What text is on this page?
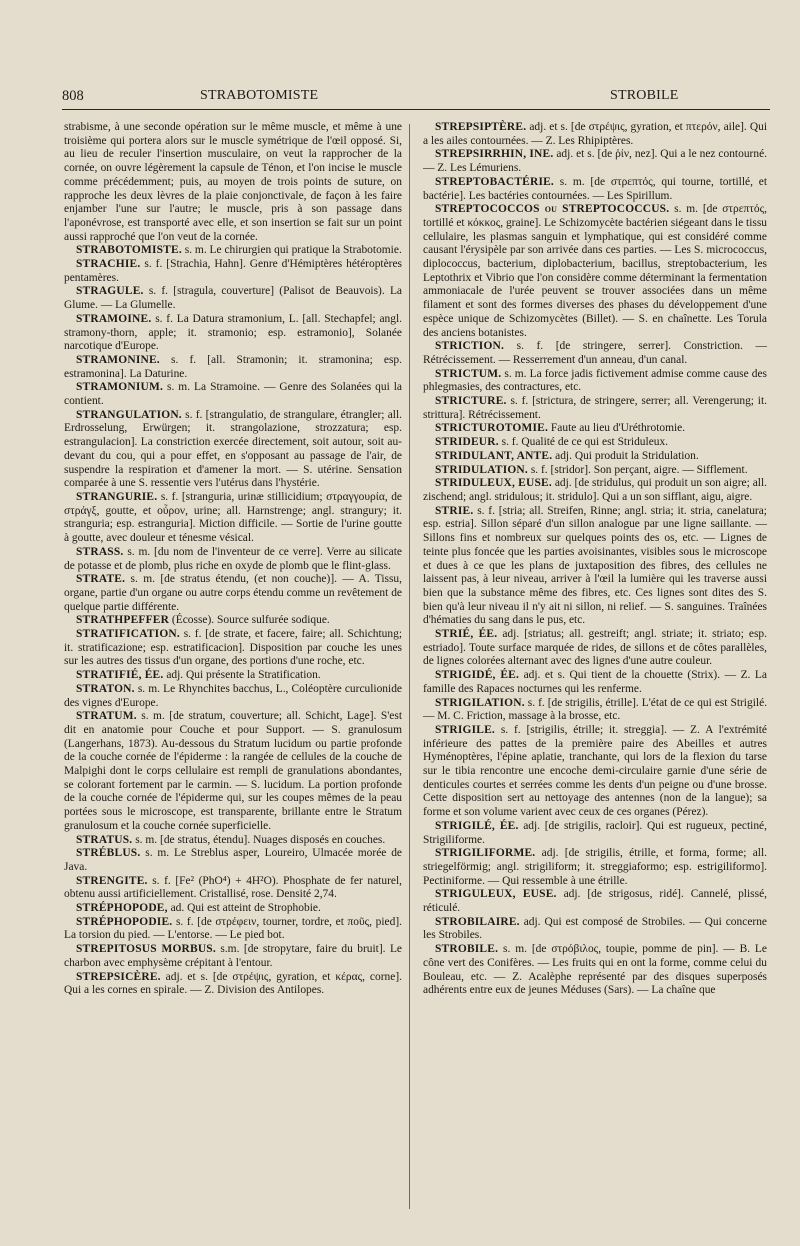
808	STRABOTOMISTE	STROBILE

strabisme, à une seconde opération sur le même muscle, et même à une troisième qui portera alors sur le muscle symétrique de l'œil opposé. Si, au lieu de reculer l'insertion musculaire, on veut la rapprocher de la cornée, on ouvre légèrement la capsule de Ténon, et l'on incise le muscle comme précédemment; puis, au moyen de trois points de suture, on rapproche les deux lèvres de la plaie conjonctivale, de façon à les faire enjamber l'une sur l'autre; le muscle, pris à son passage dans l'aponévrose, est transporté avec elle, et son insertion se fait sur un point aussi rapproché que l'on veut de la cornée.

STRABOTOMISTE. s. m. Le chirurgien qui pratique la Strabotomie.

STRACHIE. s. f. [Strachia, Hahn]. Genre d'Hémiptères hétéroptères pentamères.

STRAGULE. s. f. [stragula, couverture] (Palisot de Beauvois). La Glume. — La Glumelle.

STRAMOINE. s. f. La Datura stramonium, L. [all. Stechapfel; angl. stramony-thorn, apple; it. stramonio; esp. estramonio], Solanée narcotique d'Europe.

STRAMONINE. s. f. [all. Stramonin; it. stramonina; esp. estramonina]. La Daturine.

STRAMONIUM. s. m. La Stramoine. — Genre des Solanées qui la contient.

STRANGULATION. s. f. [strangulatio, de strangulare, étrangler; all. Erdrosselung, Erwürgen; it. strangolazione, strozzatura; esp. estrangulacion]. La constriction exercée directement, soit autour, soit au-devant du cou, qui a pour effet, en s'opposant au passage de l'air, de suspendre la respiration et d'amener la mort. — S. utérine. Sensation comparée à une S. ressentie vers l'utérus dans l'hystérie.

STRANGURIE. s. f. [stranguria, urinæ stillicidium; στραγγουρία, de στράγξ, goutte, et οὖρον, urine; all. Harnstrenge; angl. strangury; it. stranguria; esp. estranguria]. Miction difficile. — Sortie de l'urine goutte à goutte, avec douleur et ténesme vésical.

STRASS. s. m. [du nom de l'inventeur de ce verre]. Verre au silicate de potasse et de plomb, plus riche en oxyde de plomb que le flint-glass.

STRATE. s. m. [de stratus étendu, (et non couche)]. — A. Tissu, organe, partie d'un organe ou autre corps étendu comme un revêtement de quelque partie différente.

STRATHPEFFER (Écosse). Source sulfurée sodique.

STRATIFICATION. s. f. [de strate, et facere, faire; all. Schichtung; it. stratificazione; esp. estratificacion]. Disposition par couche les unes sur les autres des tissus d'un organe, des portions d'une roche, etc.

STRATIFIÉ, ÉE. adj. Qui présente la Stratification.

STRATON. s. m. Le Rhynchites bacchus, L., Coléoptère curculionide des vignes d'Europe.

STRATUM. s. m. [de stratum, couverture; all. Schicht, Lage]. S'est dit en anatomie pour Couche et pour Support. — S. granulosum (Langerhans, 1873). Au-dessous du Stratum lucidum ou partie profonde de la couche cornée de l'épiderme : la rangée de cellules de la couche de Malpighi dont le corps cellulaire est rempli de granulations abondantes, se colorant fortement par le carmin. — S. lucidum. La portion profonde de la couche cornée de l'épiderme qui, sur les coupes mêmes de la peau portées sous le microscope, est transparente, brillante entre le Stratum granulosum et la couche cornée superficielle.

STRATUS. s. m. [de stratus, étendu]. Nuages disposés en couches.

STRÉBLUS. s. m. Le Streblus asper, Loureiro, Ulmacée morée de Java.

STRENGITE. s. f. [Fe² (PhO⁴) + 4H²O). Phosphate de fer naturel, obtenu aussi artificiellement. Cristallisé, rose. Densité 2,74.

STRÉPHOPODE, ad. Qui est atteint de Strophobie.

STRÉPHOPODIE. s. f. [de στρέφειν, tourner, tordre, et ποῦς, pied]. La torsion du pied. — L'entorse. — Le pied bot.

STREPITOSUS MORBUS. s.m. [de stropytare, faire du bruit]. Le charbon avec emphysème crépitant à l'entour.

STREPSICÈRE. adj. et s. [de στρέψις, gyration, et κέρας, corne]. Qui a les cornes en spirale. — Z. Division des Antilopes.

STREPSIPTÈRE. adj. et s. [de στρέψις, gyration, et πτερόν, aile]. Qui a les ailes contournées. — Z. Les Rhipiptères.

STREPSIRRHIN, INE. adj. et s. [de ῥίν, nez]. Qui a le nez contourné. — Z. Les Lémuriens.

STREPTOBACTÉRIE. s. m. [de στρεπτός, qui tourne, tortillé, et bactérie]. Les bactéries contournées. — Les Spirillum.

STREPTOCOCCOS ou STREPTOCOCCUS. s. m. [de στρεπτός, tortillé et κόκκος, graine]. Le Schizomycète bactérien siégeant dans le tissu cellulaire, les plasmas sanguin et lymphatique, qui est considéré comme causant l'érysipèle par son arrivée dans ces parties. — Les S. micrococcus, diplococcus, bacterium, diplobacterium, bacillus, streptobacterium, les Leptothrix et Vibrio que l'on considère comme déterminant la fermentation ammoniacale de l'urée peuvent se trouver associées dans un même filament et sont des formes diverses des phases du développement d'une espèce unique de Schizomycètes (Billet). — S. en chaînette. Les Torula des anciens botanistes.

STRICTION. s. f. [de stringere, serrer]. Constriction. — Rétrécissement. — Resserrement d'un anneau, d'un canal.

STRICTUM. s. m. La force jadis fictivement admise comme cause des phlegmasies, des contractures, etc.

STRICTURE. s. f. [strictura, de stringere, serrer; all. Verengerung; it. strittura]. Rétrécissement.

STRICTUROTOMIE. Faute au lieu d'Uréthrotomie.

STRIDEUR. s. f. Qualité de ce qui est Striduleux.

STRIDULANT, ANTE. adj. Qui produit la Stridulation.

STRIDULATION. s. f. [stridor]. Son perçant, aigre. — Sifflement.

STRIDULEUX, EUSE. adj. [de stridulus, qui produit un son aigre; all. zischend; angl. stridulous; it. stridulo]. Qui a un son sifflant, aigu, aigre.

STRIE. s. f. [stria; all. Streifen, Rinne; angl. stria; it. stria, canelatura; esp. estria]. Sillon séparé d'un sillon analogue par une ligne saillante. — Sillons fins et nombreux sur quelques points des os, etc. — Lignes de teinte plus foncée que les parties avoisinantes, visibles sous le microscope et dues à ce que les plans de juxtaposition des fibres, des cellules ne laissent pas, à leur niveau, arriver à l'œil la lumière qui les traverse aussi bien que la substance même des fibres, etc. Ces lignes sont dites des S. bien qu'à leur niveau il n'y ait ni sillon, ni relief. — S. sanguines. Traînées d'hématies du sang dans le pus, etc.

STRIÉ, ÉE. adj. [striatus; all. gestreift; angl. striate; it. striato; esp. estriado]. Toute surface marquée de rides, de sillons et de côtes parallèles, de lignes colorées alternant avec des lignes d'une autre couleur.

STRIGIDÉ, ÉE. adj. et s. Qui tient de la chouette (Strix). — Z. La famille des Rapaces nocturnes qui les renferme.

STRIGILATION. s. f. [de strigilis, étrille]. L'état de ce qui est Strigilé. — M. C. Friction, massage à la brosse, etc.

STRIGILE. s. f. [strigilis, étrille; it. streggia]. — Z. A l'extrémité inférieure des pattes de la première paire des Abeilles et autres Hyménoptères, l'épine aplatie, tranchante, qui lors de la flexion du tarse sur le tibia rencontre une encoche demi-circulaire garnie d'une série de denticules courtes et serrées comme les dents d'un peigne ou d'une brosse. Cette disposition sert au nettoyage des antennes (non de la langue); sa forme et son volume varient avec ceux de ces organes (Pérez).

STRIGILÉ, ÉE. adj. [de strigilis, racloir]. Qui est rugueux, pectiné, Strigiliforme.

STRIGILIFORME. adj. [de strigilis, étrille, et forma, forme; all. striegelförmig; angl. strigiliform; it. streggiaformo; esp. estrigiliformo]. Pectiniforme. — Qui ressemble à une étrille.

STRIGULEUX, EUSE. adj. [de strigosus, ridé]. Cannelé, plissé, réticulé.

STROBILAIRE. adj. Qui est composé de Strobiles. — Qui concerne les Strobiles.

STROBILE. s. m. [de στρόβιλος, toupie, pomme de pin]. — B. Le cône vert des Conifères. — Les fruits qui en ont la forme, comme celui du Bouleau, etc. — Z. Acalèphe représenté par des disques superposés adhérents entre eux de jeunes Méduses (Sars). — La chaîne que
